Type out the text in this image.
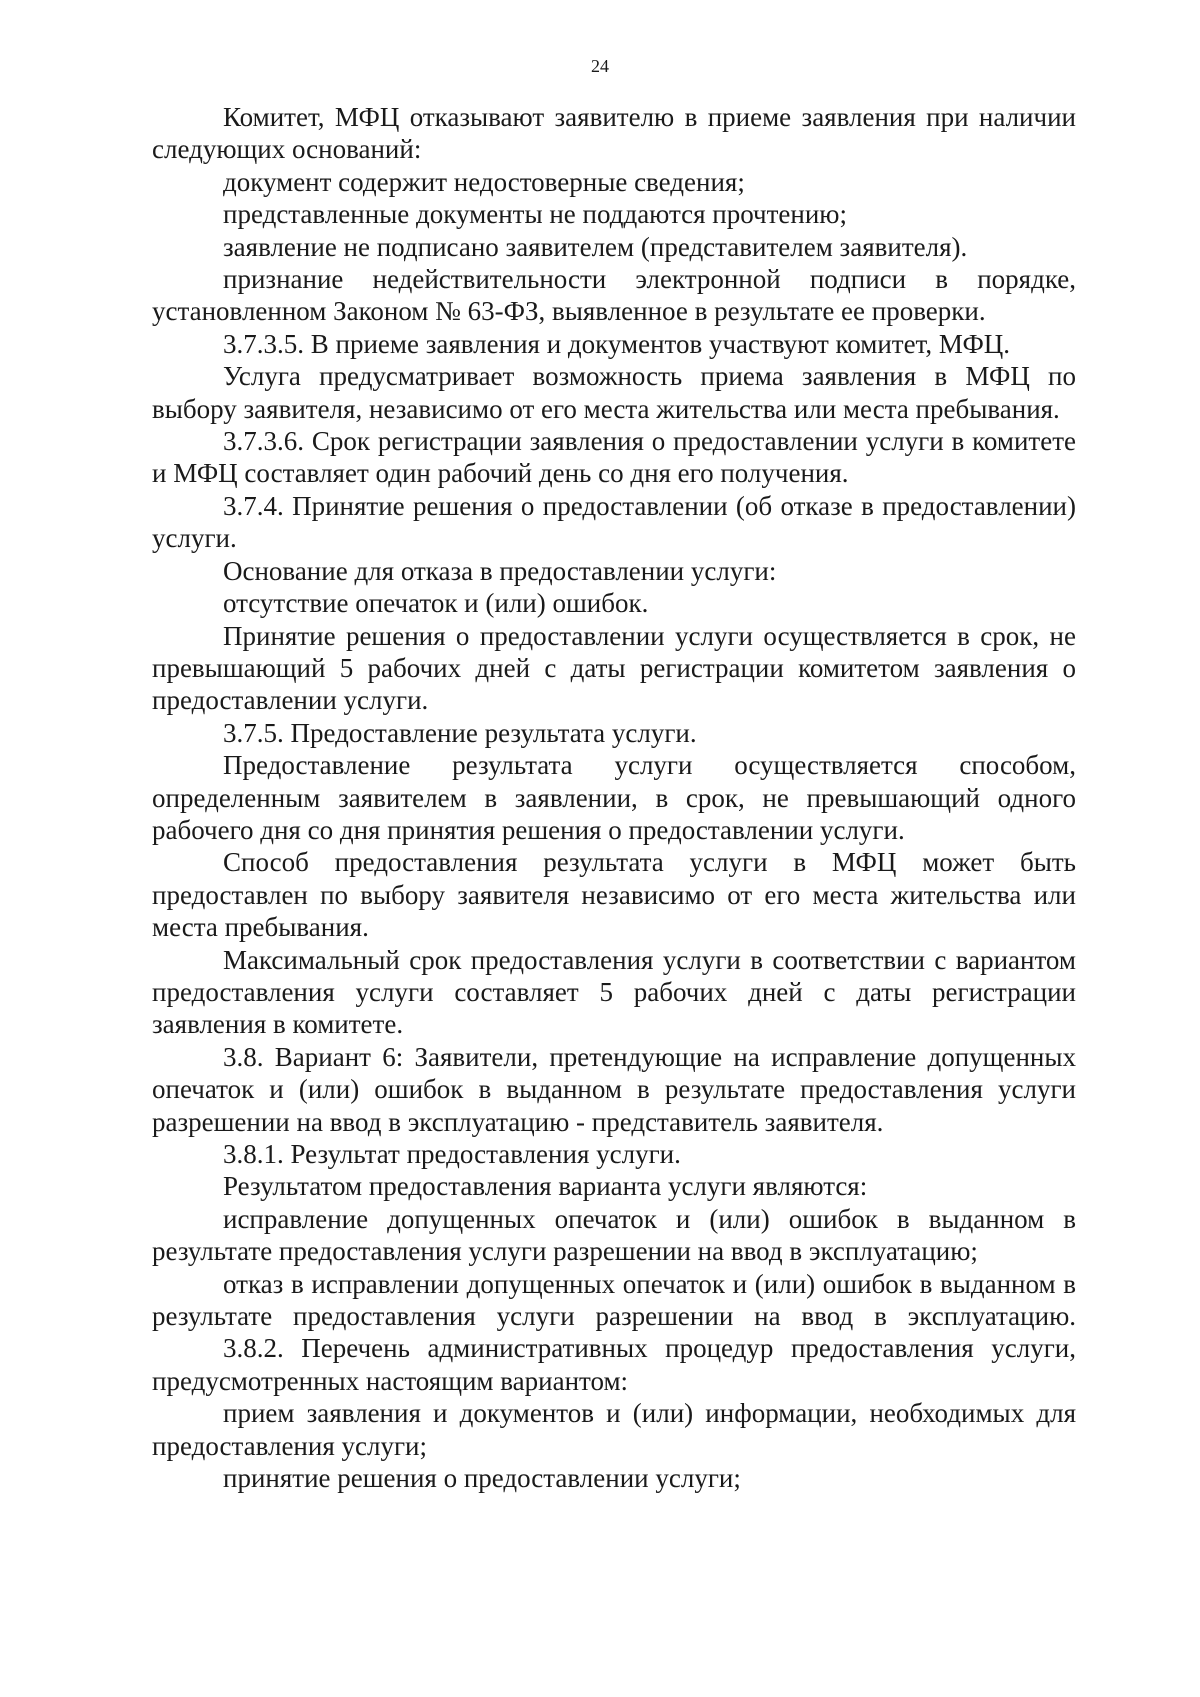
24

Комитет, МФЦ отказывают заявителю в приеме заявления при наличии следующих оснований:

документ содержит недостоверные сведения;

представленные документы не поддаются прочтению;

заявление не подписано заявителем (представителем заявителя).

признание недействительности электронной подписи в порядке, установленном Законом № 63-ФЗ, выявленное в результате ее проверки.

3.7.3.5. В приеме заявления и документов участвуют комитет, МФЦ.

Услуга предусматривает возможность приема заявления в МФЦ по выбору заявителя, независимо от его места жительства или места пребывания.

3.7.3.6. Срок регистрации заявления о предоставлении услуги в комитете и МФЦ составляет один рабочий день со дня его получения.

3.7.4. Принятие решения о предоставлении (об отказе в предоставлении) услуги.

Основание для отказа в предоставлении услуги:

отсутствие опечаток и (или) ошибок.

Принятие решения о предоставлении услуги осуществляется в срок, не превышающий 5 рабочих дней с даты регистрации комитетом заявления о предоставлении услуги.

3.7.5. Предоставление результата услуги.

Предоставление результата услуги осуществляется способом, определенным заявителем в заявлении, в срок, не превышающий одного рабочего дня со дня принятия решения о предоставлении услуги.

Способ предоставления результата услуги в МФЦ может быть предоставлен по выбору заявителя независимо от его места жительства или места пребывания.

Максимальный срок предоставления услуги в соответствии с вариантом предоставления услуги составляет 5 рабочих дней с даты регистрации заявления в комитете.

3.8. Вариант 6: Заявители, претендующие на исправление допущенных опечаток и (или) ошибок в выданном в результате предоставления услуги разрешении на ввод в эксплуатацию - представитель заявителя.

3.8.1. Результат предоставления услуги.

Результатом предоставления варианта услуги являются:

исправление допущенных опечаток и (или) ошибок в выданном в результате предоставления услуги разрешении на ввод в эксплуатацию;

отказ в исправлении допущенных опечаток и (или) ошибок в выданном в результате предоставления услуги разрешении на ввод в эксплуатацию.

3.8.2. Перечень административных процедур предоставления услуги, предусмотренных настоящим вариантом:

прием заявления и документов и (или) информации, необходимых для предоставления услуги;

принятие решения о предоставлении услуги;
